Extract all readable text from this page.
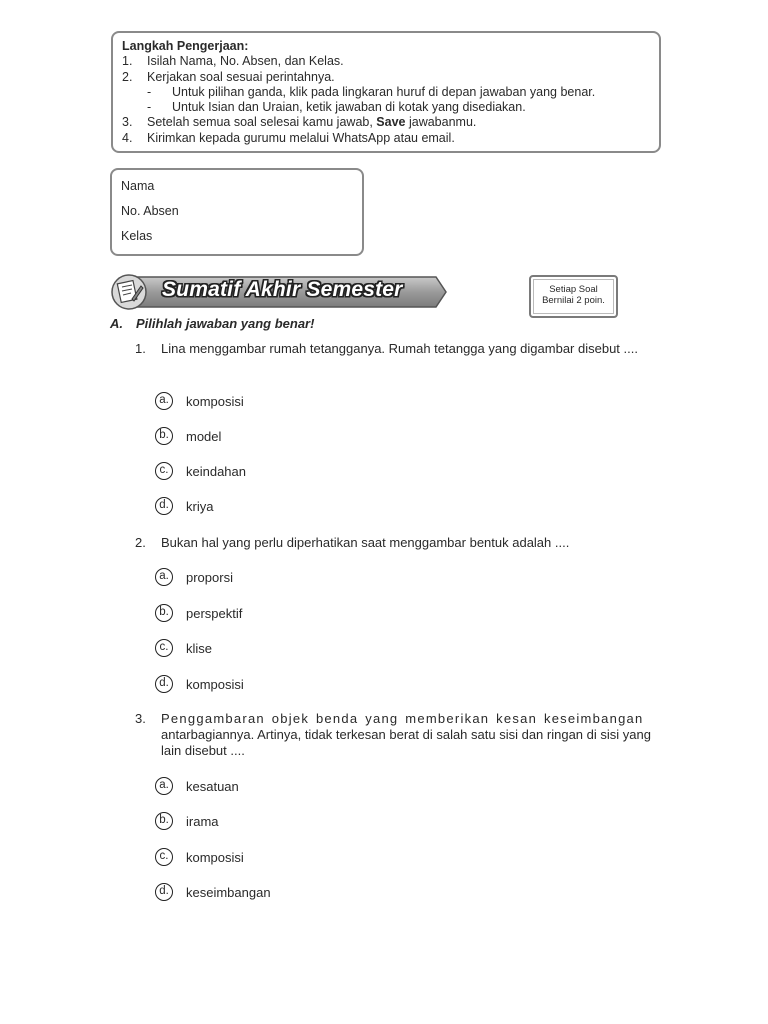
Langkah Pengerjaan:
1.	Isilah Nama, No. Absen, dan Kelas.
2.	Kerjakan soal sesuai perintahnya.
-	Untuk pilihan ganda, klik pada lingkaran huruf di depan jawaban yang benar.
-	Untuk Isian dan Uraian, ketik jawaban di kotak yang disediakan.
3.	Setelah semua soal selesai kamu jawab, Save jawabanmu.
4.	Kirimkan kepada gurumu melalui WhatsApp atau email.
Nama
No. Absen
Kelas
Sumatif Akhir Semester	Setiap Soal
Bernilai 2 poin.
A. Pilihlah jawaban yang benar!
1.	Lina menggambar rumah tetangganya. Rumah tetangga yang digambar disebut ....
a.	komposisi
b.	model
c.	keindahan
d.	kriya
2.	Bukan hal yang perlu diperhatikan saat menggambar bentuk adalah ....
a.	proporsi
b.	perspektif
c.	klise
d.	komposisi
3.	Penggambaran objek benda yang memberikan kesan keseimbangan
antarbagiannya. Artinya, tidak terkesan berat di salah satu sisi dan ringan di sisi yang lain disebut ....
a.	kesatuan
b.	irama
c.	komposisi
d.	keseimbangan
